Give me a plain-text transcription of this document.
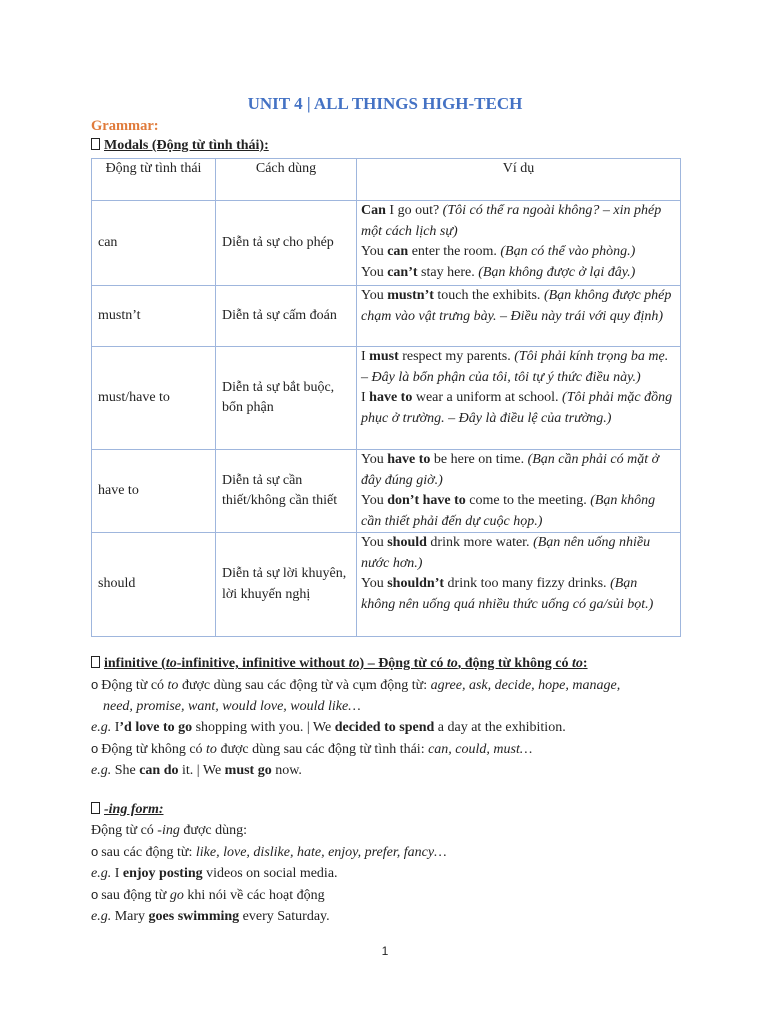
UNIT 4 | ALL THINGS HIGH-TECH
Grammar:
Modals (Động từ tình thái):
Động từ tình thái	Cách dùng	Ví dụ
can	Diễn tả sự cho phép	Can I go out? (Tôi có thể ra ngoài không? – xin phép một cách lịch sự)
You can enter the room. (Bạn có thể vào phòng.)
You can’t stay here. (Bạn không được ở lại đây.)

mustn’t	Diễn tả sự cấm đoán	You mustn’t touch the exhibits. (Bạn không được phép chạm vào vật trưng bày. – Điều này trái với quy định)

must/have to	Diễn tả sự bắt buộc, bổn phận	I must respect my parents. (Tôi phải kính trọng ba mẹ. – Đây là bổn phận của tôi, tôi tự ý thức điều này.)
I have to wear a uniform at school. (Tôi phải mặc đồng phục ở trường. – Đây là điều lệ của trường.)

have to	Diễn tả sự cần thiết/không cần thiết	You have to be here on time. (Bạn cần phải có mặt ở đây đúng giờ.)
You don’t have to come to the meeting. (Bạn không cần thiết phải đến dự cuộc họp.)

should	Diễn tả sự lời khuyên, lời khuyến nghị	You should drink more water. (Bạn nên uống nhiều nước hơn.)
You shouldn’t drink too many fizzy drinks. (Bạn không nên uống quá nhiều thức uống có ga/sủi bọt.)
infinitive (to-infinitive, infinitive without to) – Động từ có to, động từ không có to:
o Động từ có to được dùng sau các động từ và cụm động từ: agree, ask, decide, hope, manage,
need, promise, want, would love, would like…
e.g. I’d love to go shopping with you. | We decided to spend a day at the exhibition.
o Động từ không có to được dùng sau các động từ tình thái: can, could, must…
e.g. She can do it. | We must go now.
-ing form:
Động từ có -ing được dùng:
o sau các động từ: like, love, dislike, hate, enjoy, prefer, fancy…
e.g. I enjoy posting videos on social media.
o sau động từ go khi nói về các hoạt động
e.g. Mary goes swimming every Saturday.
1
